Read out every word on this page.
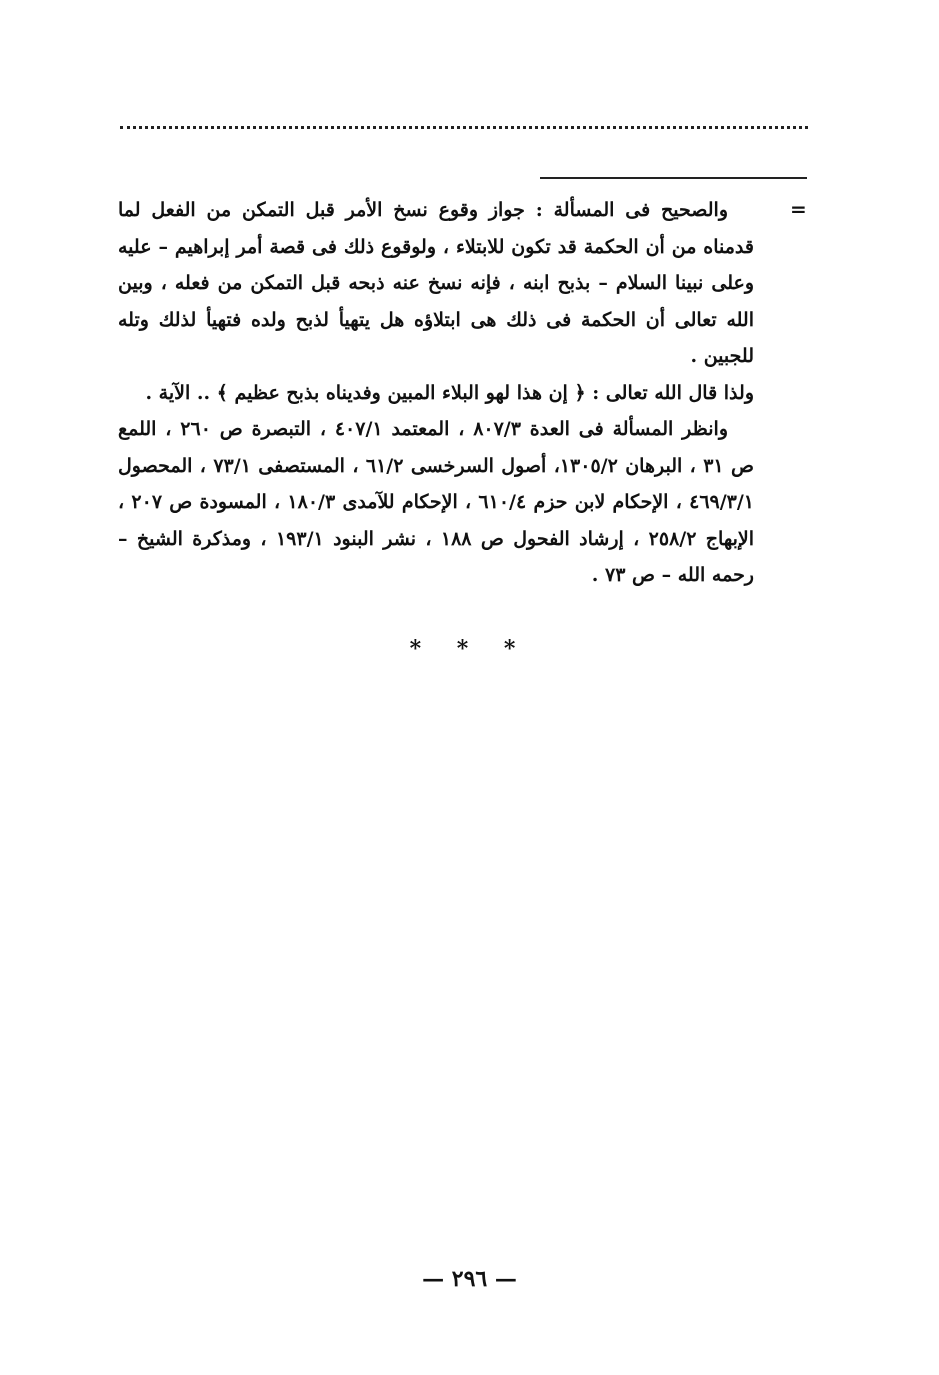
=

والصحيح فى المسألة : جواز وقوع نسخ الأمر قبل التمكن من الفعل لما قدمناه من أن الحكمة قد تكون للابتلاء ، ولوقوع ذلك فى قصة أمر إبراهيم – عليه وعلى نبينا السلام – بذبح ابنه ، فإنه نسخ عنه ذبحه قبل التمكن من فعله ، وبين الله تعالى أن الحكمة فى ذلك هى ابتلاؤه هل يتهيأ لذبح ولده فتهيأ لذلك وتله للجبين .

ولذا قال الله تعالى : ﴿ إن هذا لهو البلاء المبين وفديناه بذبح عظيم ﴾ .. الآية .

وانظر المسألة فى العدة ٨٠٧/٣ ، المعتمد ٤٠٧/١ ، التبصرة ص ٢٦٠ ، اللمع ص ٣١ ، البرهان ١٣٠٥/٢، أصول السرخسى ٦١/٢ ، المستصفى ٧٣/١ ، المحصول ٤٦٩/٣/١ ، الإحكام لابن حزم ٦١٠/٤ ، الإحكام للآمدى ١٨٠/٣ ، المسودة ص ٢٠٧ ، الإبهاج ٢٥٨/٢ ، إرشاد الفحول ص ١٨٨ ، نشر البنود ١٩٣/١ ، ومذكرة الشيخ – رحمه الله – ص ٧٣ .

* * *
— ٢٩٦ —
